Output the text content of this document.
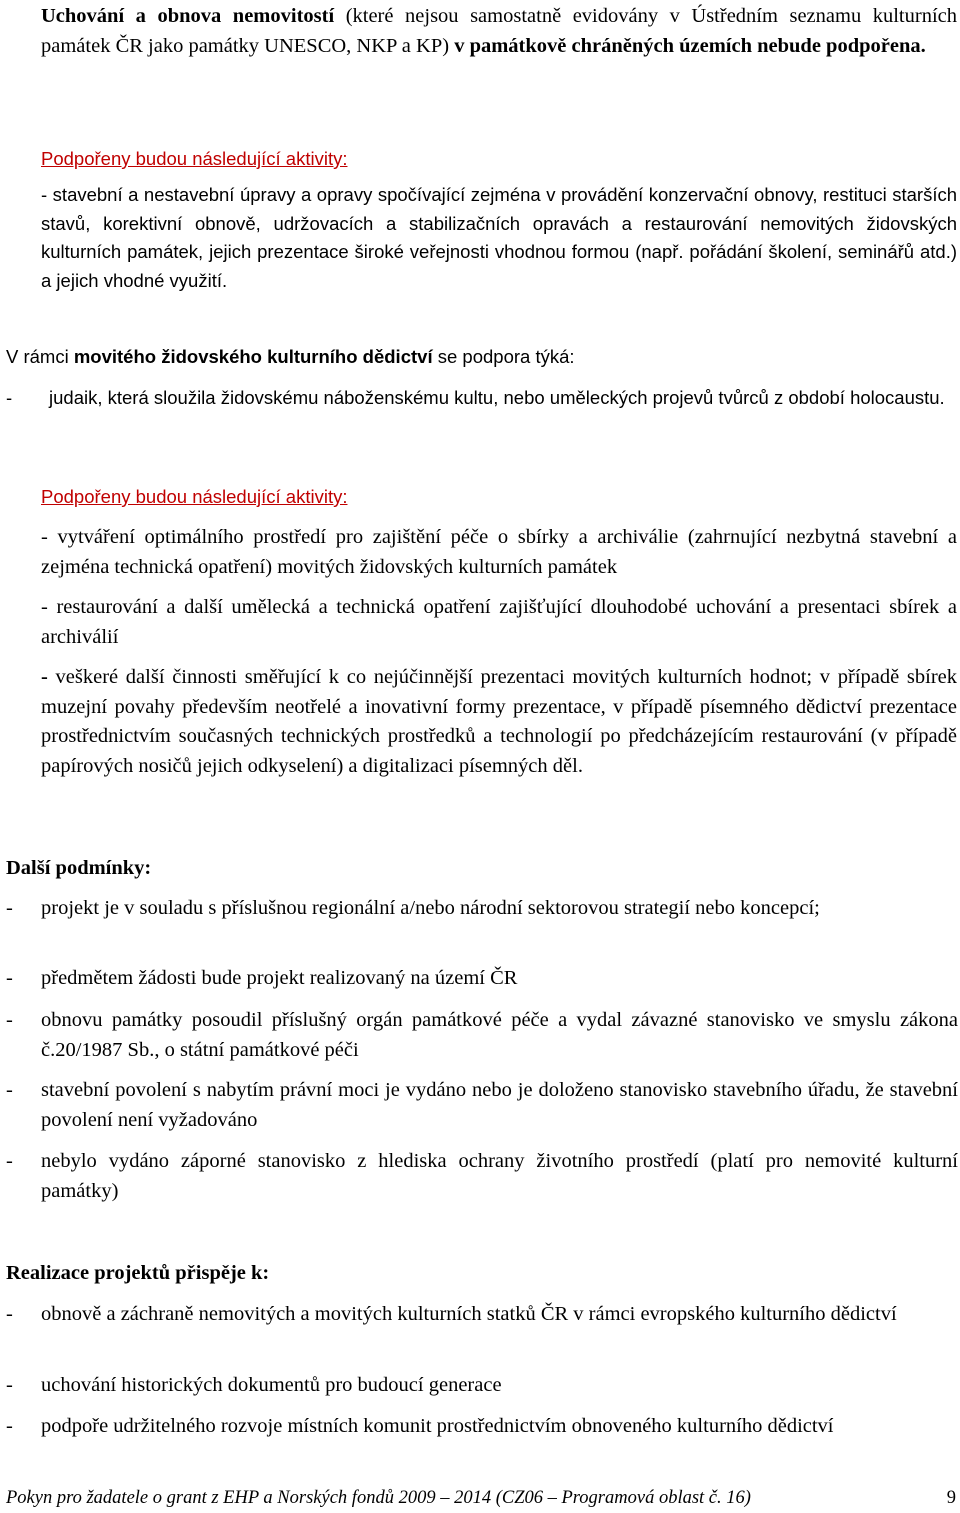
Uchování a obnova nemovitostí (které nejsou samostatně evidovány v Ústředním seznamu kulturních památek ČR jako památky UNESCO, NKP a KP) v památkově chráněných územích nebude podpořena.
Podpořeny budou následující aktivity:
- stavební a nestavební úpravy a opravy spočívající zejména v provádění konzervační obnovy, restituci starších stavů, korektivní obnově, udržovacích a stabilizačních opravách a restaurování nemovitých židovských kulturních památek, jejich prezentace široké veřejnosti vhodnou formou (např. pořádání školení, seminářů atd.) a jejich vhodné využití.
V rámci movitého židovského kulturního dědictví se podpora týká:
-	judaik, která sloužila židovskému náboženskému kultu, nebo uměleckých projevů tvůrců z období holocaustu.
Podpořeny budou následující aktivity:
- vytváření optimálního prostředí pro zajištění péče o sbírky a archiválie (zahrnující nezbytná stavební a zejména technická opatření) movitých židovských kulturních památek
- restaurování a další umělecká a technická opatření zajišťující dlouhodobé uchování a presentaci sbírek a archiválií
- veškeré další činnosti směřující k co nejúčinnější prezentaci movitých kulturních hodnot; v případě sbírek muzejní povahy především neotřelé a inovativní formy prezentace, v případě písemného dědictví prezentace prostřednictvím současných technických prostředků a technologií po předcházejícím restaurování (v případě papírových nosičů jejich odkyselení) a digitalizaci písemných děl.
Další podmínky:
-	projekt je v souladu s příslušnou regionální a/nebo národní sektorovou strategií nebo koncepcí;
-	předmětem žádosti bude projekt realizovaný na území ČR
-	obnovu památky posoudil příslušný orgán památkové péče a vydal závazné stanovisko ve smyslu zákona č.20/1987 Sb., o státní památkové péči
-	stavební povolení s nabytím právní moci je vydáno nebo je doloženo stanovisko stavebního úřadu, že stavební povolení není vyžadováno
-	nebylo vydáno záporné stanovisko z hlediska ochrany životního prostředí (platí pro nemovité kulturní památky)
Realizace projektů přispěje k:
-	obnově a záchraně nemovitých a movitých kulturních statků ČR v rámci evropského kulturního dědictví
-	uchování historických dokumentů pro budoucí generace
-	podpoře udržitelného rozvoje místních komunit prostřednictvím obnoveného kulturního dědictví
Pokyn pro žadatele o grant z EHP a Norských fondů 2009 – 2014 (CZ06 – Programová oblast č. 16)	9
